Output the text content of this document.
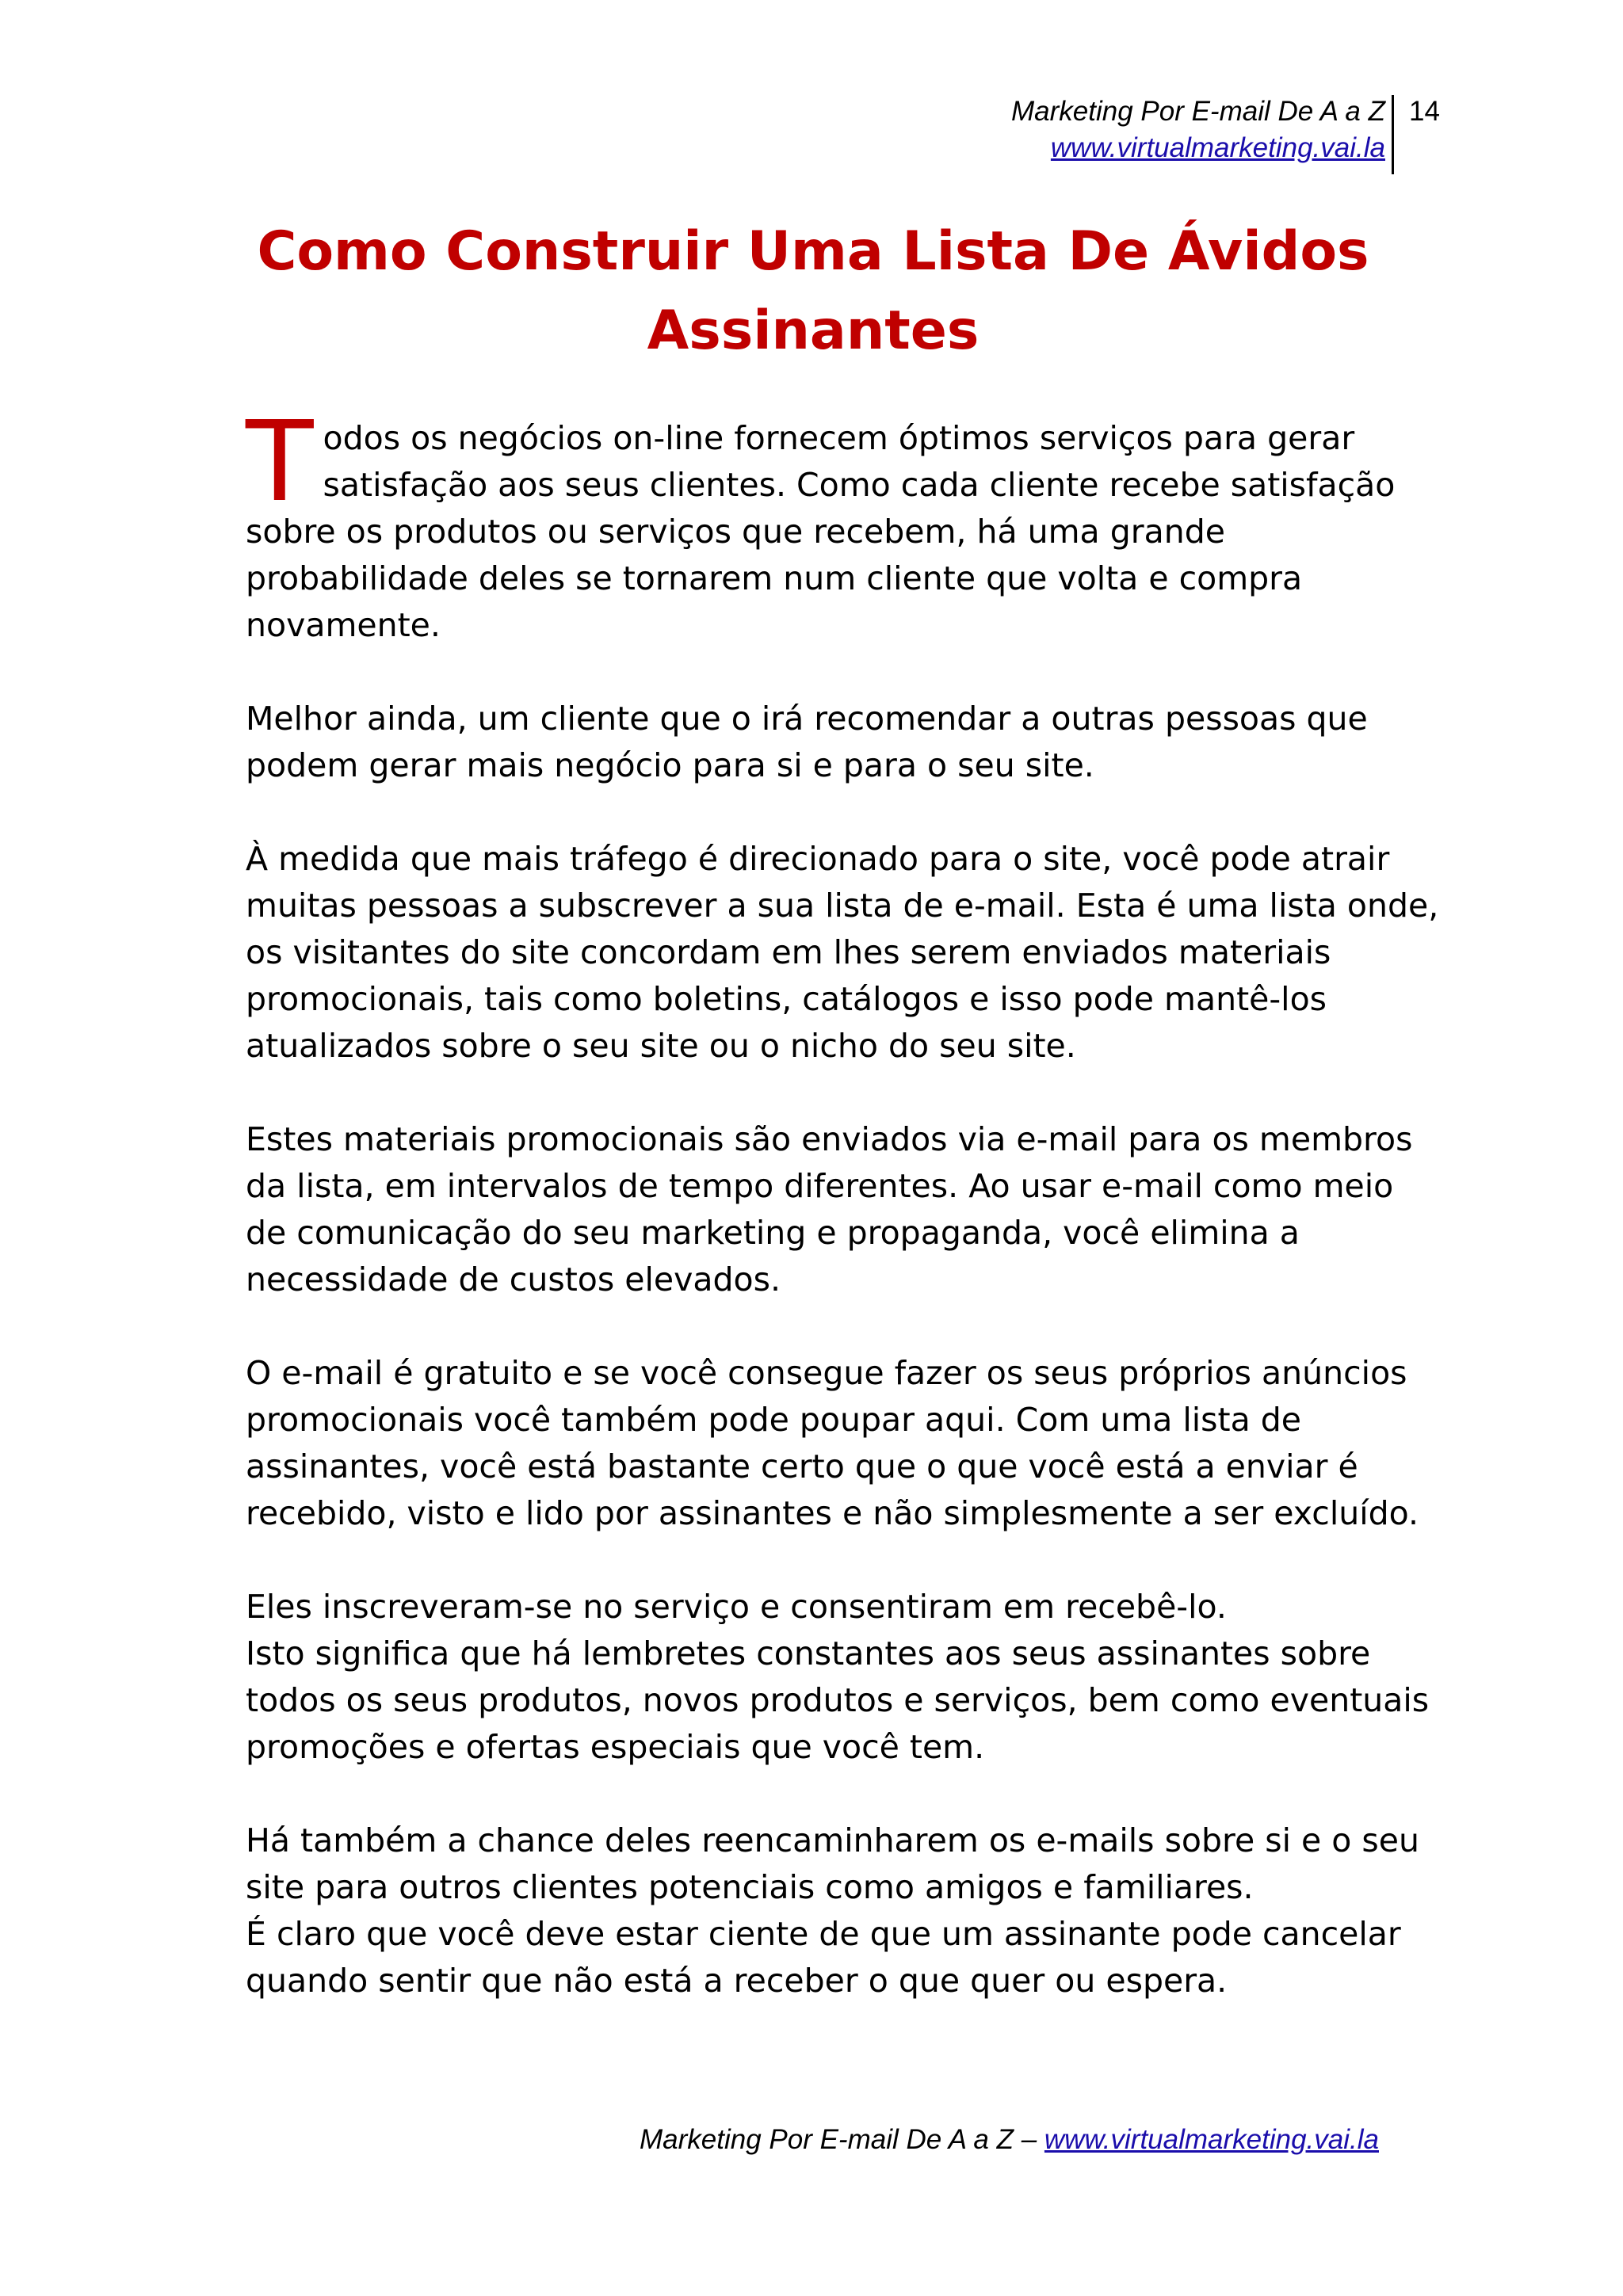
Marketing Por E-mail De A a Z
www.virtualmarketing.vai.la
14
Como Construir Uma Lista De Ávidos
Assinantes

Todos os negócios on-line fornecem óptimos serviços para gerar
satisfação aos seus clientes. Como cada cliente recebe satisfação
sobre os produtos ou serviços que recebem, há uma grande
probabilidade deles se tornarem num cliente que volta e compra
novamente.

Melhor ainda, um cliente que o irá recomendar a outras pessoas que
podem gerar mais negócio para si e para o seu site.

À medida que mais tráfego é direcionado para o site, você pode atrair
muitas pessoas a subscrever a sua lista de e-mail. Esta é uma lista onde,
os visitantes do site concordam em lhes serem enviados materiais
promocionais, tais como boletins, catálogos e isso pode mantê-los
atualizados sobre o seu site ou o nicho do seu site.

Estes materiais promocionais são enviados via e-mail para os membros
da lista, em intervalos de tempo diferentes. Ao usar e-mail como meio
de comunicação do seu marketing e propaganda, você elimina a
necessidade de custos elevados.

O e-mail é gratuito e se você consegue fazer os seus próprios anúncios
promocionais você também pode poupar aqui. Com uma lista de
assinantes, você está bastante certo que o que você está a enviar é
recebido, visto e lido por assinantes e não simplesmente a ser excluído.

Eles inscreveram-se no serviço e consentiram em recebê-lo.
Isto significa que há lembretes constantes aos seus assinantes sobre
todos os seus produtos, novos produtos e serviços, bem como eventuais
promoções e ofertas especiais que você tem.

Há também a chance deles reencaminharem os e-mails sobre si e o seu
site para outros clientes potenciais como amigos e familiares.
É claro que você deve estar ciente de que um assinante pode cancelar
quando sentir que não está a receber o que quer ou espera.

Marketing Por E-mail De A a Z – www.virtualmarketing.vai.la
